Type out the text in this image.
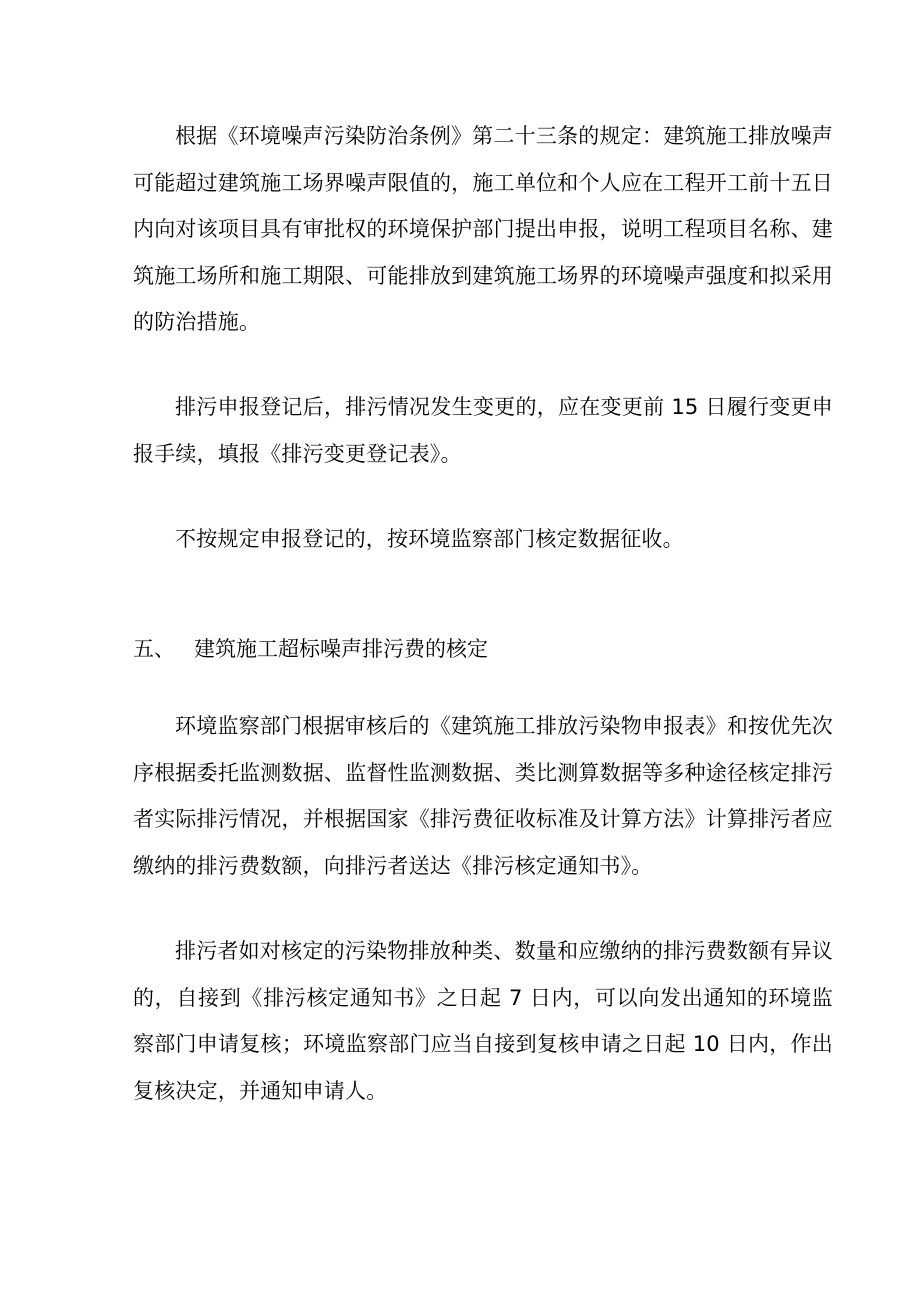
根据《环境噪声污染防治条例》第二十三条的规定：建筑施工排放噪声可能超过建筑施工场界噪声限值的，施工单位和个人应在工程开工前十五日内向对该项目具有审批权的环境保护部门提出申报，说明工程项目名称、建筑施工场所和施工期限、可能排放到建筑施工场界的环境噪声强度和拟采用的防治措施。

排污申报登记后，排污情况发生变更的，应在变更前 15 日履行变更申报手续，填报《排污变更登记表》。

不按规定申报登记的，按环境监察部门核定数据征收。

五、 建筑施工超标噪声排污费的核定

环境监察部门根据审核后的《建筑施工排放污染物申报表》和按优先次序根据委托监测数据、监督性监测数据、类比测算数据等多种途径核定排污者实际排污情况，并根据国家《排污费征收标准及计算方法》计算排污者应缴纳的排污费数额，向排污者送达《排污核定通知书》。

排污者如对核定的污染物排放种类、数量和应缴纳的排污费数额有异议的，自接到《排污核定通知书》之日起 7 日内，可以向发出通知的环境监察部门申请复核；环境监察部门应当自接到复核申请之日起 10 日内，作出复核决定，并通知申请人。
